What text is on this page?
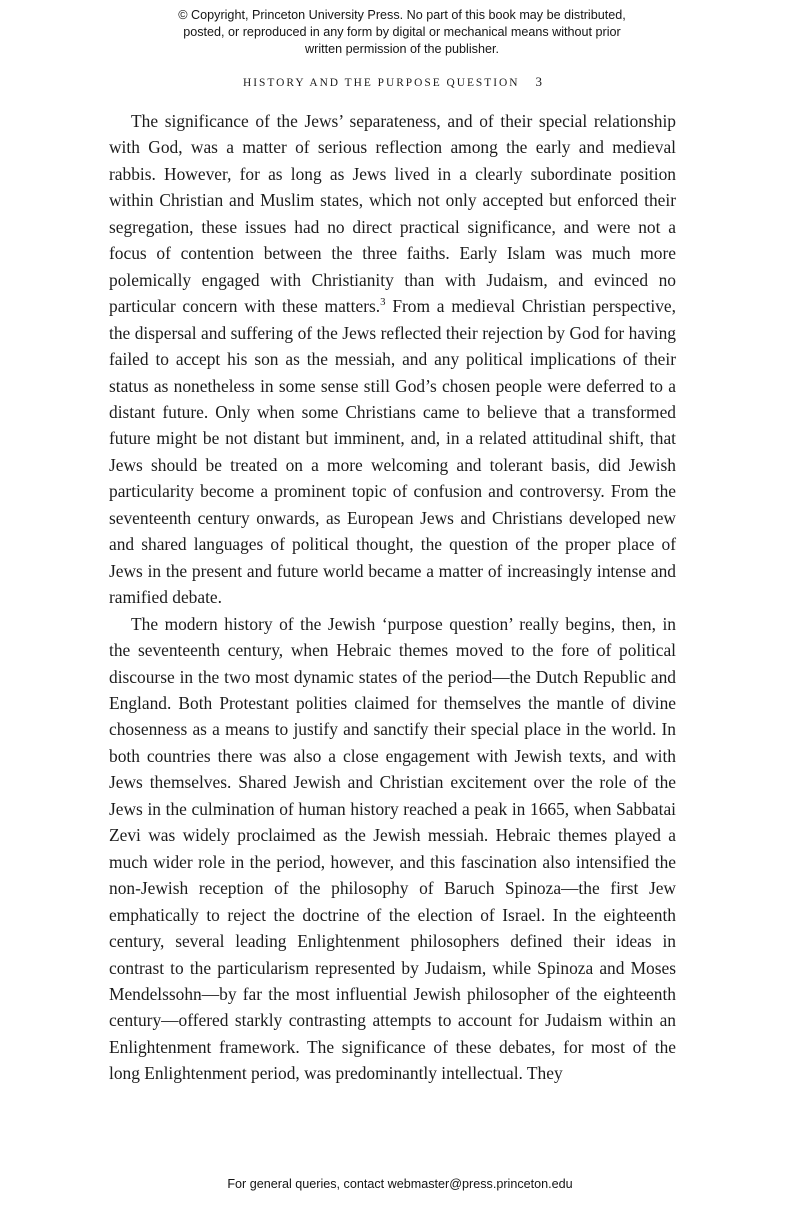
© Copyright, Princeton University Press. No part of this book may be distributed, posted, or reproduced in any form by digital or mechanical means without prior written permission of the publisher.
HISTORY AND THE PURPOSE QUESTION 3

The significance of the Jews’ separateness, and of their special relationship with God, was a matter of serious reflection among the early and medieval rabbis. However, for as long as Jews lived in a clearly subordinate position within Christian and Muslim states, which not only accepted but enforced their segregation, these issues had no direct practical significance, and were not a focus of contention between the three faiths. Early Islam was much more polemically engaged with Christianity than with Judaism, and evinced no particular concern with these matters.$^3$ From a medieval Christian perspective, the dispersal and suffering of the Jews reflected their rejection by God for having failed to accept his son as the messiah, and any political implications of their status as nonetheless in some sense still God’s chosen people were deferred to a distant future. Only when some Christians came to believe that a transformed future might be not distant but imminent, and, in a related attitudinal shift, that Jews should be treated on a more welcoming and tolerant basis, did Jewish particularity become a prominent topic of confusion and controversy. From the seventeenth century onwards, as European Jews and Christians developed new and shared languages of political thought, the question of the proper place of Jews in the present and future world became a matter of increasingly intense and ramified debate.

The modern history of the Jewish ‘purpose question’ really begins, then, in the seventeenth century, when Hebraic themes moved to the fore of political discourse in the two most dynamic states of the period—the Dutch Republic and England. Both Protestant polities claimed for themselves the mantle of divine chosenness as a means to justify and sanctify their special place in the world. In both countries there was also a close engagement with Jewish texts, and with Jews themselves. Shared Jewish and Christian excitement over the role of the Jews in the culmination of human history reached a peak in 1665, when Sabbatai Zevi was widely proclaimed as the Jewish messiah. Hebraic themes played a much wider role in the period, however, and this fascination also intensified the non-Jewish reception of the philosophy of Baruch Spinoza—the first Jew emphatically to reject the doctrine of the election of Israel. In the eighteenth century, several leading Enlightenment philosophers defined their ideas in contrast to the particularism represented by Judaism, while Spinoza and Moses Mendelssohn—by far the most influential Jewish philosopher of the eighteenth century—offered starkly contrasting attempts to account for Judaism within an Enlightenment framework. The significance of these debates, for most of the long Enlightenment period, was predominantly intellectual. They

For general queries, contact webmaster@press.princeton.edu
